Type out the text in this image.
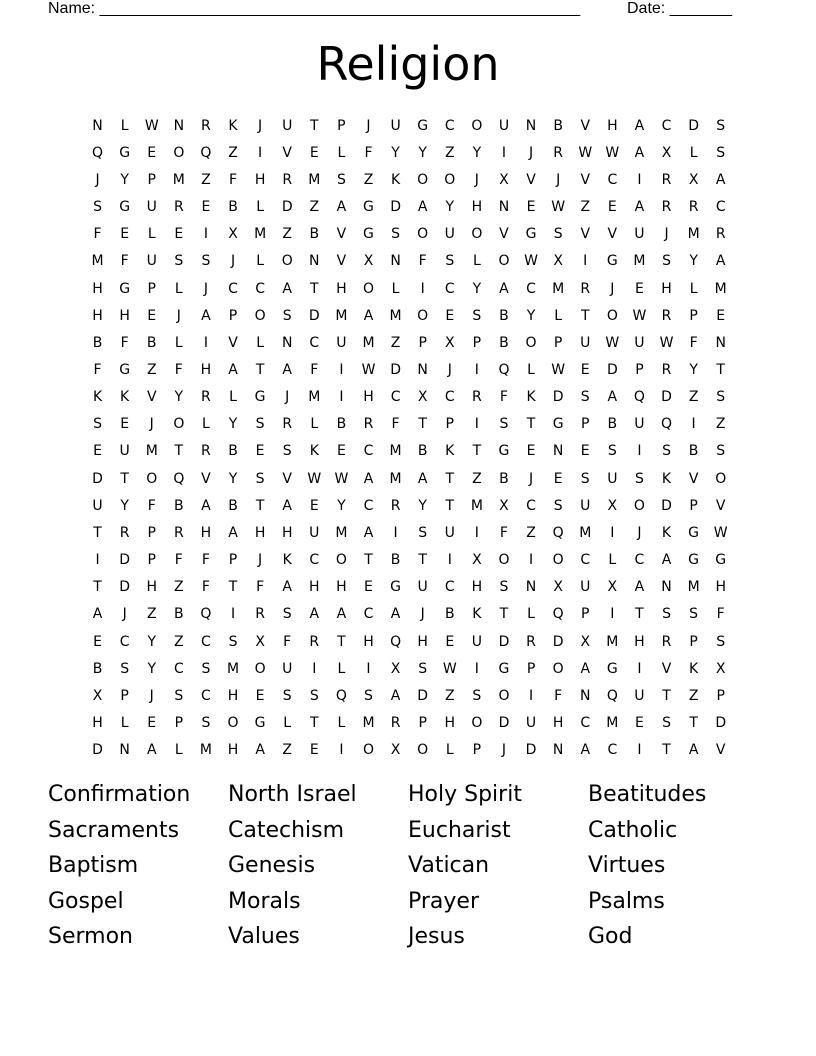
Name: ______________________________________________________	Date: _______
Religion
N	L	W	N	R	K	J	U	T	P	J	U	G	C	O	U	N	B	V	H	A	C	D	S
Q	G	E	O	Q	Z	I	V	E	L	F	Y	Y	Z	Y	I	J	R	W W	A	X	L	S
J	Y	P	M	Z	F	H	R	M	S	Z	K	O	O	J	X	V	J	V	C	I	R	X	A
S	G	U	R	E	B	L	D	Z	A	G	D	A	Y	H	N	E	W	Z	E	A	R	R	C
F	E	L	E	I	X	M	Z	B	V	G	S	O	U	O	V	G	S	V	V	U	J	M	R
M	F	U	S	S	J	L	O	N	V	X	N	F	S	L	O	W	X	I	G	M	S	Y	A
H	G	P	L	J	C	C	A	T	H	O	L	I	C	Y	A	C	M	R	J	E	H	L	M
H	H	E	J	A	P	O	S	D	M	A	M	O	E	S	B	Y	L	T	O	W	R	P	E
B	F	B	L	I	V	L	N	C	U	M	Z	P	X	P	B	O	P	U	W	U	W	F	N
F	G	Z	F	H	A	T	A	F	I	W	D	N	J	I	Q	L	W	E	D	P	R	Y	T
K	K	V	Y	R	L	G	J	M	I	H	C	X	C	R	F	K	D	S	A	Q	D	Z	S
S	E	J	O	L	Y	S	R	L	B	R	F	T	P	I	S	T	G	P	B	U	Q	I	Z
E	U	M	T	R	B	E	S	K	E	C	M	B	K	T	G	E	N	E	S	I	S	B	S
D	T	O	Q	V	Y	S	V	W W	A	M	A	T	Z	B	J	E	S	U	S	K	V	O
U	Y	F	B	A	B	T	A	E	Y	C	R	Y	T	M	X	C	S	U	X	O	D	P	V
T	R	P	R	H	A	H	H	U	M	A	I	S	U	I	F	Z	Q	M	I	J	K	G	W
I	D	P	F	F	P	J	K	C	O	T	B	T	I	X	O	I	O	C	L	C	A	G	G
T	D	H	Z	F	T	F	A	H	H	E	G	U	C	H	S	N	X	U	X	A	N	M	H
A	J	Z	B	Q	I	R	S	A	A	C	A	J	B	K	T	L	Q	P	I	T	S	S	F
E	C	Y	Z	C	S	X	F	R	T	H	Q	H	E	U	D	R	D	X	M	H	R	P	S
B	S	Y	C	S	M	O	U	I	L	I	X	S	W	I	G	P	O	A	G	I	V	K	X
X	P	J	S	C	H	E	S	S	Q	S	A	D	Z	S	O	I	F	N	Q	U	T	Z	P
H	L	E	P	S	O	G	L	T	L	M	R	P	H	O	D	U	H	C	M	E	S	T	D
D	N	A	L	M	H	A	Z	E	I	O	X	O	L	P	J	D	N	A	C	I	T	A	V
Confirmation	North Israel	Holy Spirit	Beatitudes
Sacraments	Catechism	Eucharist	Catholic
Baptism	Genesis	Vatican	Virtues
Gospel	Morals	Prayer	Psalms
Sermon	Values	Jesus	God
